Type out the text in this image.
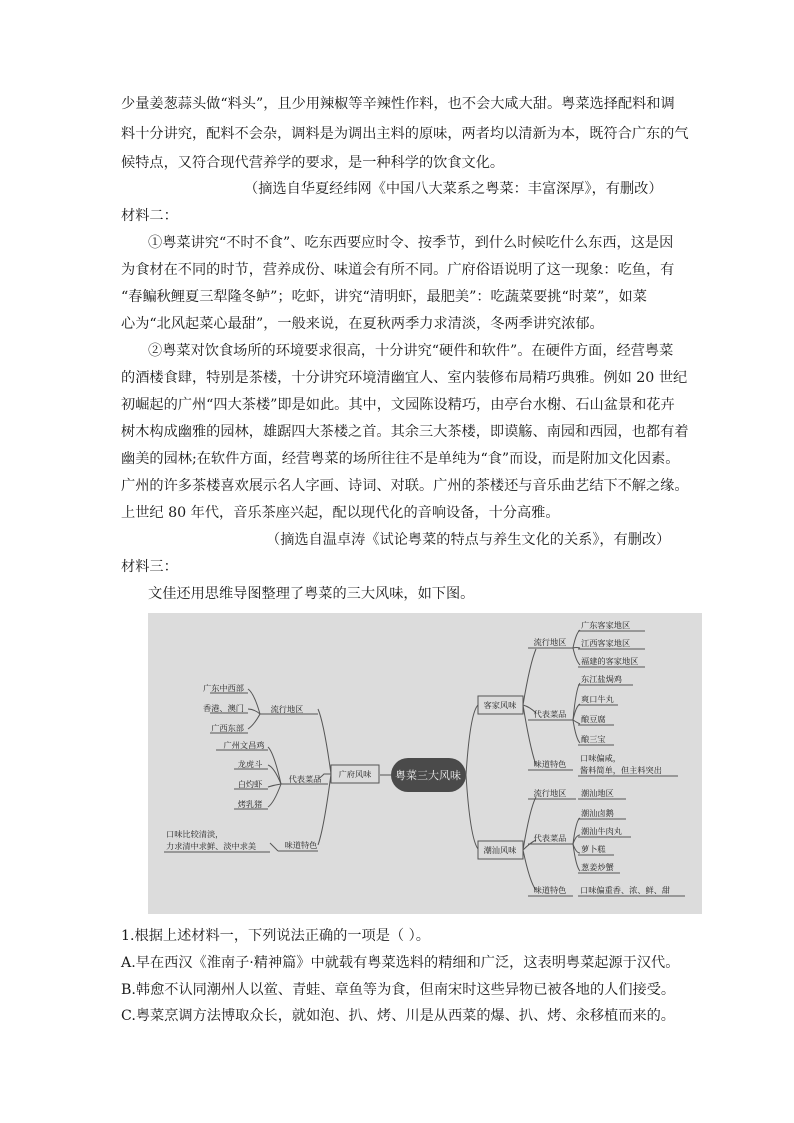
少量姜葱蒜头做“料头”，且少用辣椒等辛辣性作料，也不会大咸大甜。粤菜选择配料和调
料十分讲究，配料不会杂，调料是为调出主料的原味，两者均以清新为本，既符合广东的气
候特点，又符合现代营养学的要求，是一种科学的饮食文化。
（摘选自华夏经纬网《中国八大菜系之粤菜：丰富深厚》，有删改）
材料二：
①粤菜讲究“不时不食”、吃东西要应时令、按季节，到什么时候吃什么东西，这是因
为食材在不同的时节，营养成份、味道会有所不同。广府俗语说明了这一现象：吃鱼，有
“春鳊秋鲤夏三犁隆冬鲈”；吃虾，讲究“清明虾，最肥美”：吃蔬菜要挑“时菜”，如菜
心为“北风起菜心最甜”，一般来说，在夏秋两季力求清淡，冬两季讲究浓郁。
②粤菜对饮食场所的环境要求很高，十分讲究“硬件和软件”。在硬件方面，经营粤菜
的酒楼食肆，特别是茶楼，十分讲究环境清幽宜人、室内装修布局精巧典雅。例如 20 世纪
初崛起的广州“四大茶楼”即是如此。其中，文园陈设精巧，由亭台水榭、石山盆景和花卉
树木构成幽雅的园林，雄踞四大茶楼之首。其余三大茶楼，即谟觞、南园和西园，也都有着
幽美的园林;在软件方面，经营粤菜的场所往往不是单纯为“食”而设，而是附加文化因素。
广州的许多茶楼喜欢展示名人字画、诗词、对联。广州的茶楼还与音乐曲艺结下不解之缘。
上世纪 80 年代，音乐茶座兴起，配以现代化的音响设备，十分高雅。
（摘选自温卓涛《试论粤菜的特点与养生文化的关系》，有删改）
材料三：
文佳还用思维导图整理了粤菜的三大风味，如下图。
粤菜三大风味
广府风味
流行地区
广东中西部
香港、澳门
广西东部
代表菜品
广州文昌鸡
龙虎斗
白灼虾
烤乳猪
味道特色
口味比较清淡，
力求清中求鲜、淡中求美
客家风味
流行地区
广东客家地区
江西客家地区
福建的客家地区
代表菜品
东江盐焗鸡
爽口牛丸
酿豆腐
酿三宝
味道特色
口味偏咸，
酱料简单，但主料突出
潮汕风味
流行地区 潮汕地区
代表菜品
潮汕卤鹅
潮汕牛肉丸
萝卜糕
葱姜炒蟹
味道特色 口味偏重香、浓、鲜、甜
1.根据上述材料一，下列说法正确的一项是（ ）。
A.早在西汉《淮南子·精神篇》中就载有粤菜选料的精细和广泛，这表明粤菜起源于汉代。
B.韩愈不认同潮州人以鲎、青蛙、章鱼等为食，但南宋时这些异物已被各地的人们接受。
C.粤菜烹调方法博取众长，就如泡、扒、烤、川是从西菜的爆、扒、烤、汆移植而来的。
